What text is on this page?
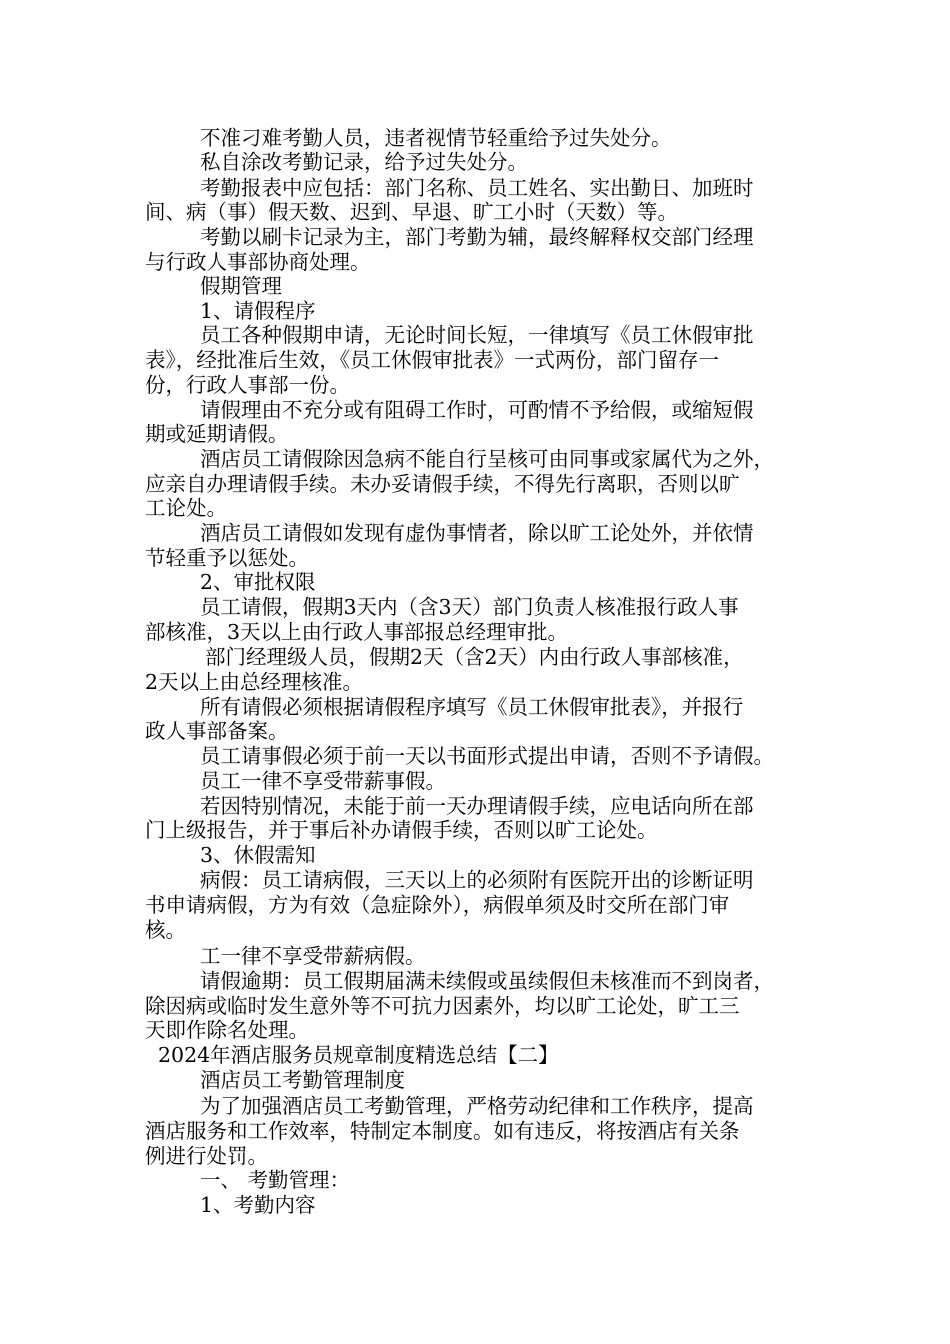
不准刁难考勤人员，违者视情节轻重给予过失处分。
私自涂改考勤记录，给予过失处分。
考勤报表中应包括：部门名称、员工姓名、实出勤日、加班时
间、病（事）假天数、迟到、早退、旷工小时（天数）等。
考勤以刷卡记录为主，部门考勤为辅，最终解释权交部门经理
与行政人事部协商处理。
假期管理
1、请假程序
员工各种假期申请，无论时间长短，一律填写《员工休假审批
表》，经批准后生效，《员工休假审批表》一式两份，部门留存一
份，行政人事部一份。
请假理由不充分或有阻碍工作时，可酌情不予给假，或缩短假
期或延期请假。
酒店员工请假除因急病不能自行呈核可由同事或家属代为之外，
应亲自办理请假手续。未办妥请假手续，不得先行离职，否则以旷
工论处。
酒店员工请假如发现有虚伪事情者，除以旷工论处外，并依情
节轻重予以惩处。
2、审批权限
员工请假，假期3天内（含3天）部门负责人核准报行政人事
部核准，3天以上由行政人事部报总经理审批。
部门经理级人员，假期2天（含2天）内由行政人事部核准，
2天以上由总经理核准。
所有请假必须根据请假程序填写《员工休假审批表》，并报行
政人事部备案。
员工请事假必须于前一天以书面形式提出申请，否则不予请假。
员工一律不享受带薪事假。
若因特别情况，未能于前一天办理请假手续，应电话向所在部
门上级报告，并于事后补办请假手续，否则以旷工论处。
3、休假需知
病假：员工请病假，三天以上的必须附有医院开出的诊断证明
书申请病假，方为有效（急症除外），病假单须及时交所在部门审
核。
工一律不享受带薪病假。
请假逾期：员工假期届满未续假或虽续假但未核准而不到岗者，
除因病或临时发生意外等不可抗力因素外，均以旷工论处，旷工三
天即作除名处理。
2024年酒店服务员规章制度精选总结【二】
酒店员工考勤管理制度
为了加强酒店员工考勤管理，严格劳动纪律和工作秩序，提高
酒店服务和工作效率，特制定本制度。如有违反，将按酒店有关条
例进行处罚。
一、 考勤管理：
1、考勤内容
